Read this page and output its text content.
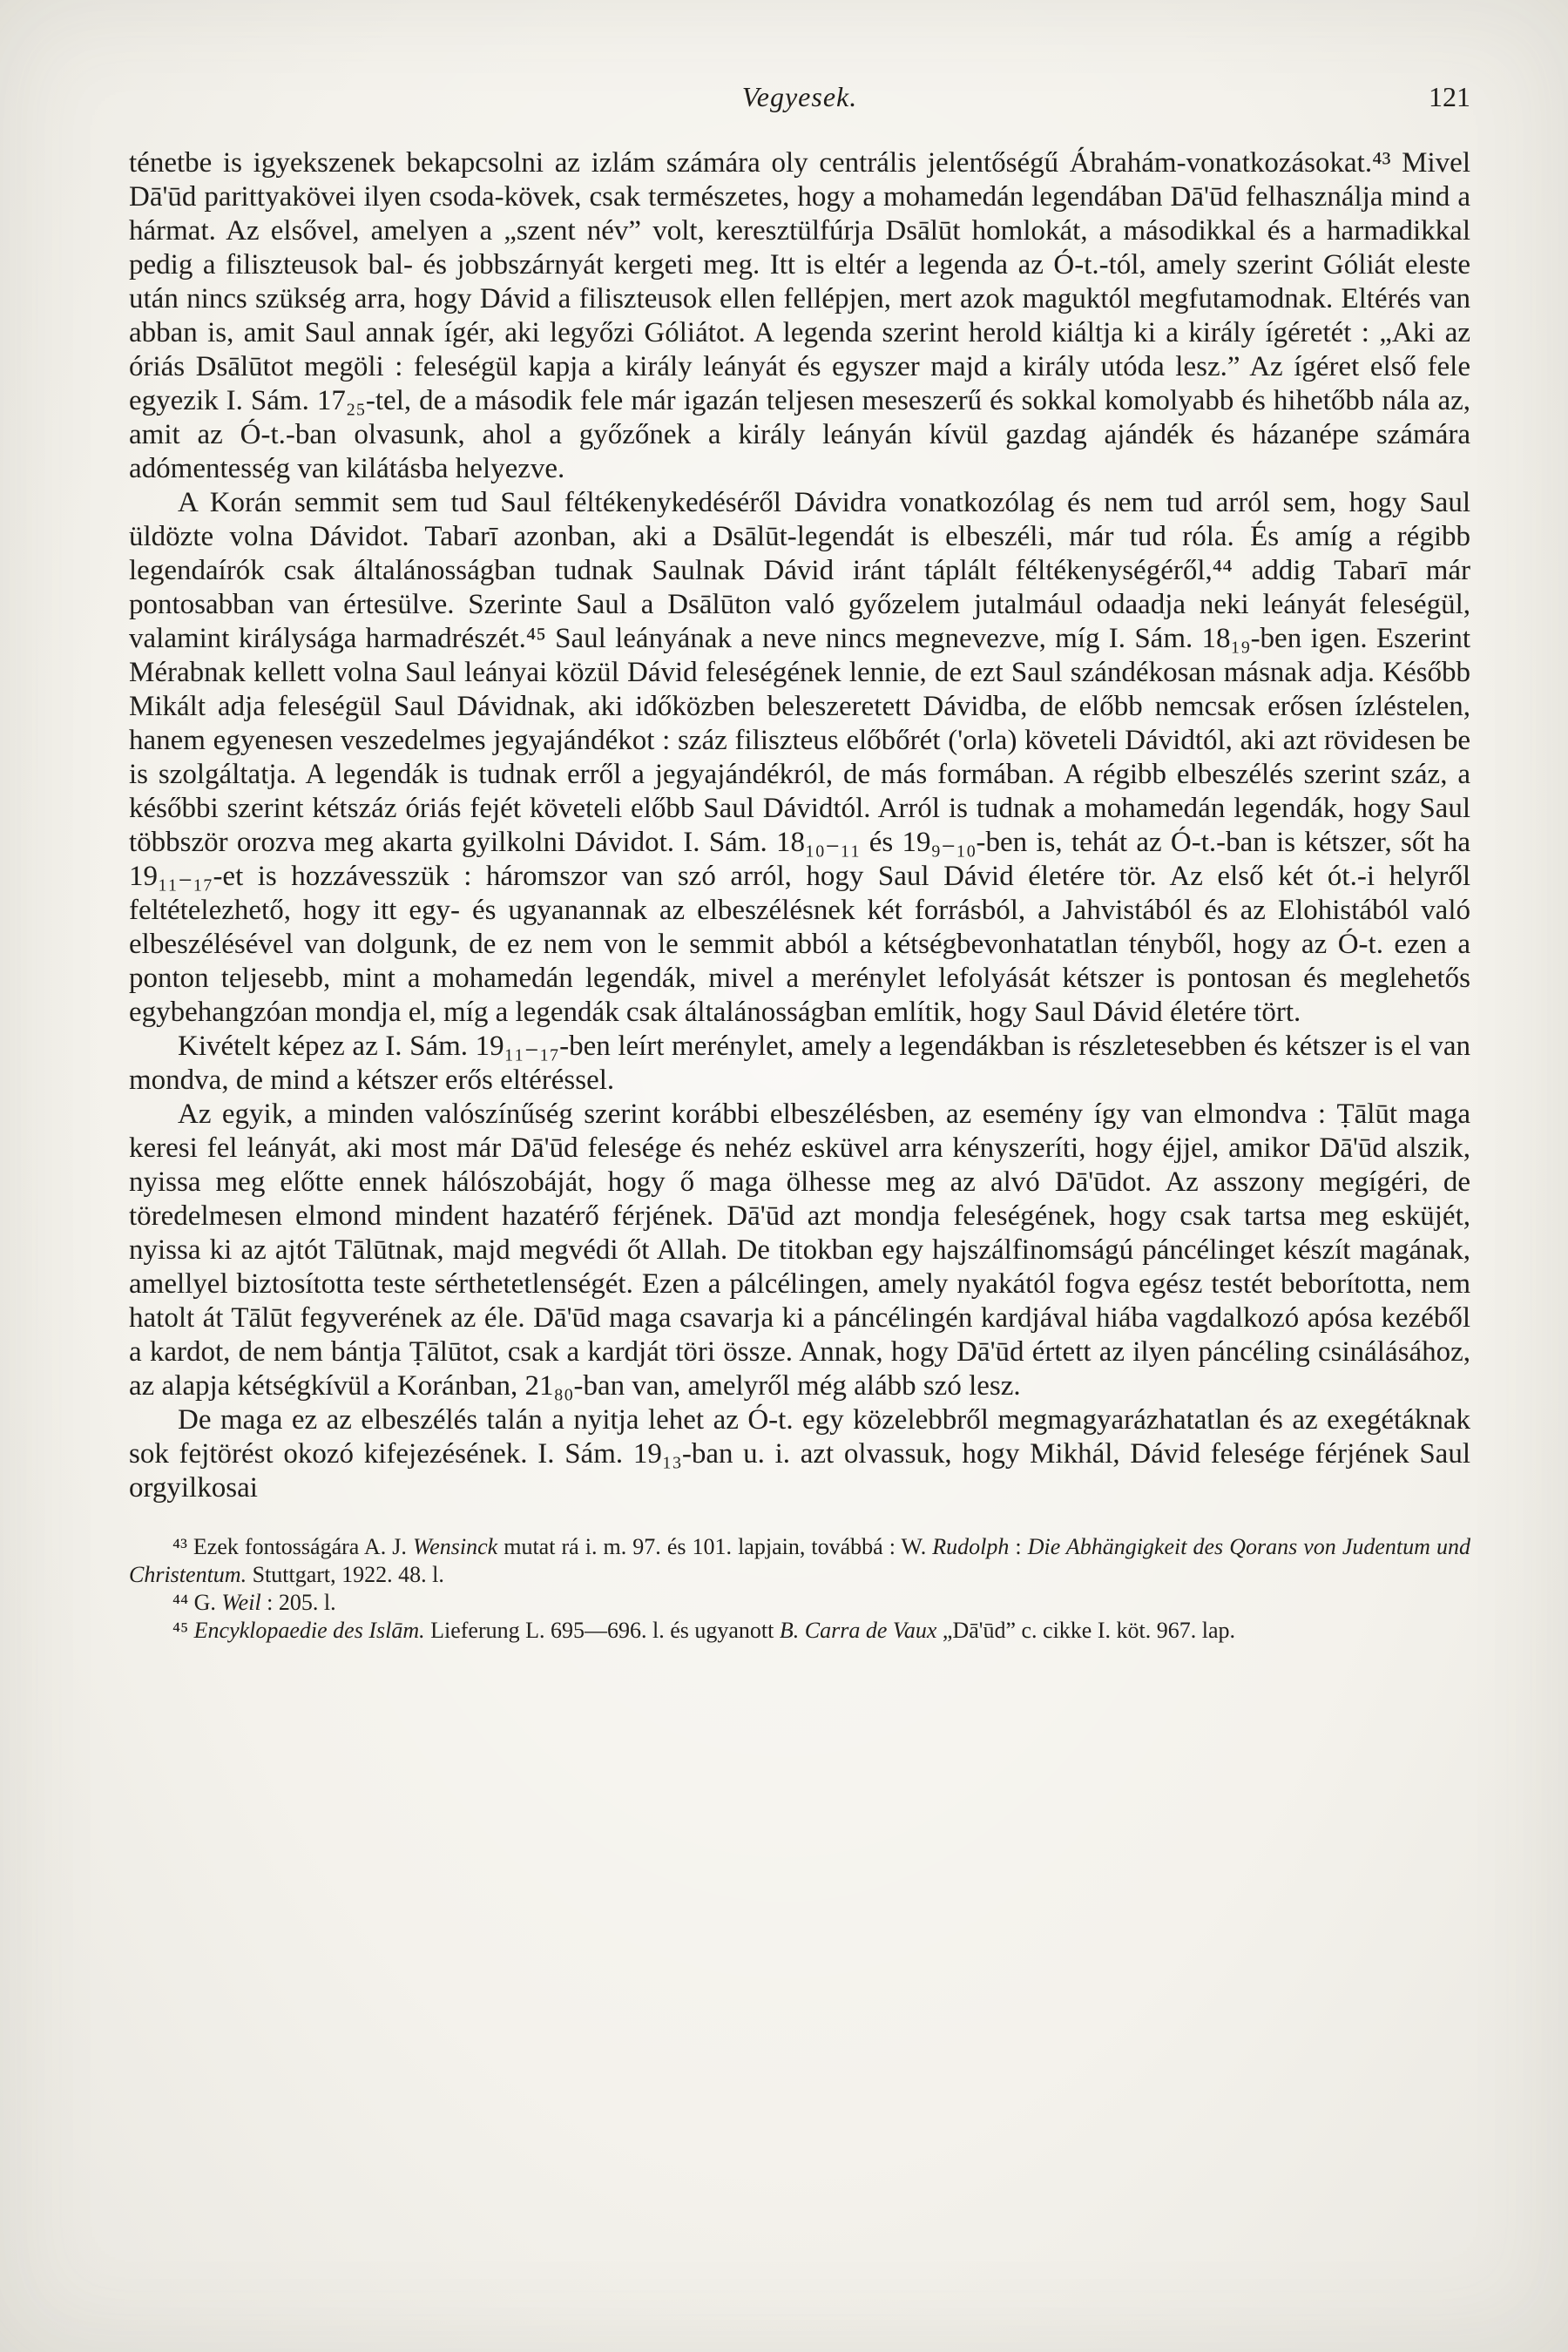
Vegyesek.	121

ténetbe is igyekszenek bekapcsolni az izlám számára oly centrális jelentőségű Ábrahám-vonatkozásokat.⁴³ Mivel Dā'ūd parittyakövei ilyen csoda-kövek, csak természetes, hogy a mohamedán legendában Dā'ūd felhasználja mind a hármat. Az elsővel, amelyen a „szent név” volt, keresztülfúrja Dsālūt homlokát, a másodikkal és a harmadikkal pedig a filiszteusok bal- és jobbszárnyát kergeti meg. Itt is eltér a legenda az Ó-t.-tól, amely szerint Góliát eleste után nincs szükség arra, hogy Dávid a filiszteusok ellen fellépjen, mert azok maguktól megfutamodnak. Eltérés van abban is, amit Saul annak ígér, aki legyőzi Góliátot. A legenda szerint herold kiáltja ki a király ígéretét : „Aki az óriás Dsālūtot megöli : feleségül kapja a király leányát és egyszer majd a király utóda lesz.” Az ígéret első fele egyezik I. Sám. 17₂₅-tel, de a második fele már igazán teljesen meseszerű és sokkal komolyabb és hihetőbb nála az, amit az Ó-t.-ban olvasunk, ahol a győzőnek a király leányán kívül gazdag ajándék és házanépe számára adómentesség van kilátásba helyezve.

A Korán semmit sem tud Saul féltékenykedéséről Dávidra vonatkozólag és nem tud arról sem, hogy Saul üldözte volna Dávidot. Tabarī azonban, aki a Dsālūt-legendát is elbeszéli, már tud róla. És amíg a régibb legendaírók csak általánosságban tudnak Saulnak Dávid iránt táplált féltékenységéről,⁴⁴ addig Tabarī már pontosabban van értesülve. Szerinte Saul a Dsālūton való győzelem jutalmául odaadja neki leányát feleségül, valamint királysága harmadrészét.⁴⁵ Saul leányának a neve nincs megnevezve, míg I. Sám. 18₁₉-ben igen. Eszerint Mérabnak kellett volna Saul leányai közül Dávid feleségének lennie, de ezt Saul szándékosan másnak adja. Később Mikált adja feleségül Saul Dávidnak, aki időközben beleszeretett Dávidba, de előbb nemcsak erősen ízléstelen, hanem egyenesen veszedelmes jegyajándékot : száz filiszteus előbőrét ('orla) követeli Dávidtól, aki azt rövidesen be is szolgáltatja. A legendák is tudnak erről a jegyajándékról, de más formában. A régibb elbeszélés szerint száz, a későbbi szerint kétszáz óriás fejét követeli előbb Saul Dávidtól. Arról is tudnak a mohamedán legendák, hogy Saul többször orozva meg akarta gyilkolni Dávidot. I. Sám. 18₁₀₋₁₁ és 19₉₋₁₀-ben is, tehát az Ó-t.-ban is kétszer, sőt ha 19₁₁₋₁₇-et is hozzávesszük : háromszor van szó arról, hogy Saul Dávid életére tör. Az első két ót.-i helyről feltételezhető, hogy itt egy- és ugyanannak az elbeszélésnek két forrásból, a Jahvistából és az Elohistából való elbeszélésével van dolgunk, de ez nem von le semmit abból a kétségbevonhatatlan tényből, hogy az Ó-t. ezen a ponton teljesebb, mint a mohamedán legendák, mivel a merénylet lefolyását kétszer is pontosan és meglehetős egybehangzóan mondja el, míg a legendák csak általánosságban említik, hogy Saul Dávid életére tört.

Kivételt képez az I. Sám. 19₁₁₋₁₇-ben leírt merénylet, amely a legendákban is részletesebben és kétszer is el van mondva, de mind a kétszer erős eltéréssel.

Az egyik, a minden valószínűség szerint korábbi elbeszélésben, az esemény így van elmondva : Ṭālūt maga keresi fel leányát, aki most már Dā'ūd felesége és nehéz esküvel arra kényszeríti, hogy éjjel, amikor Dā'ūd alszik, nyissa meg előtte ennek hálószobáját, hogy ő maga ölhesse meg az alvó Dā'ūdot. Az asszony megígéri, de töredelmesen elmond mindent hazatérő férjének. Dā'ūd azt mondja feleségének, hogy csak tartsa meg esküjét, nyissa ki az ajtót Tālūtnak, majd megvédi őt Allah. De titokban egy hajszálfinomságú páncélinget készít magának, amellyel biztosította teste sérthetetlenségét. Ezen a pálcélingen, amely nyakától fogva egész testét beborította, nem hatolt át Tālūt fegyverének az éle. Dā'ūd maga csavarja ki a páncélingén kardjával hiába vagdalkozó apósa kezéből a kardot, de nem bántja Ṭālūtot, csak a kardját töri össze. Annak, hogy Dā'ūd értett az ilyen páncéling csinálásához, az alapja kétségkívül a Koránban, 21₈₀-ban van, amelyről még alább szó lesz.

De maga ez az elbeszélés talán a nyitja lehet az Ó-t. egy közelebbről megmagyarázhatatlan és az exegétáknak sok fejtörést okozó kifejezésének. I. Sám. 19₁₃-ban u. i. azt olvassuk, hogy Mikhál, Dávid felesége férjének Saul orgyilkosai

⁴³ Ezek fontosságára A. J. Wensinck mutat rá i. m. 97. és 101. lapjain, továbbá : W. Rudolph : Die Abhängigkeit des Qorans von Judentum und Christentum. Stuttgart, 1922. 48. l.

⁴⁴ G. Weil : 205. l.

⁴⁵ Encyklopaedie des Islām. Lieferung L. 695—696. l. és ugyanott B. Carra de Vaux „Dā'ūd” c. cikke I. köt. 967. lap.
